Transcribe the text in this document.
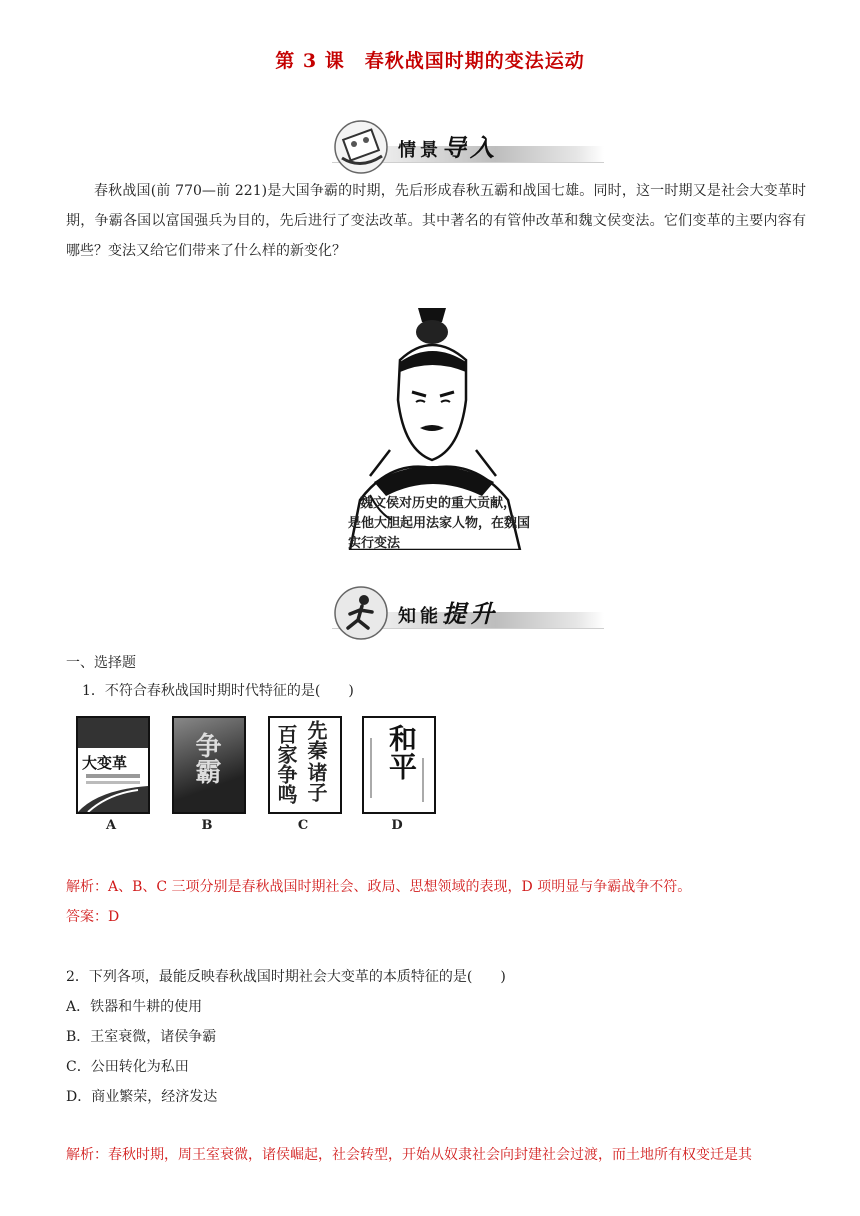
第 3 课　春秋战国时期的变法运动
情景导入
春秋战国(前 770—前 221)是大国争霸的时期，先后形成春秋五霸和战国七雄。同时，这一时期又是社会大变革时期，争霸各国以富国强兵为目的，先后进行了变法改革。其中著名的有管仲改革和魏文侯变法。它们变革的主要内容有哪些？变法又给它们带来了什么样的新变化？
魏文侯对历史的重大贡献，
是他大胆起用法家人物，在魏国
实行变法
知能提升
一、选择题
1．不符合春秋战国时期时代特征的是(　　)
大变革 争霸	百家 先秦
争鸣 诸子
和平
A	B	C	D
解析：A、B、C 三项分别是春秋战国时期社会、政局、思想领域的表现，D 项明显与争霸战争不符。
答案：D
2．下列各项，最能反映春秋战国时期社会大变革的本质特征的是(　　)
A．铁器和牛耕的使用
B．王室衰微，诸侯争霸
C．公田转化为私田
D．商业繁荣，经济发达
解析：春秋时期，周王室衰微，诸侯崛起，社会转型，开始从奴隶社会向封建社会过渡，而土地所有权变迁是其
